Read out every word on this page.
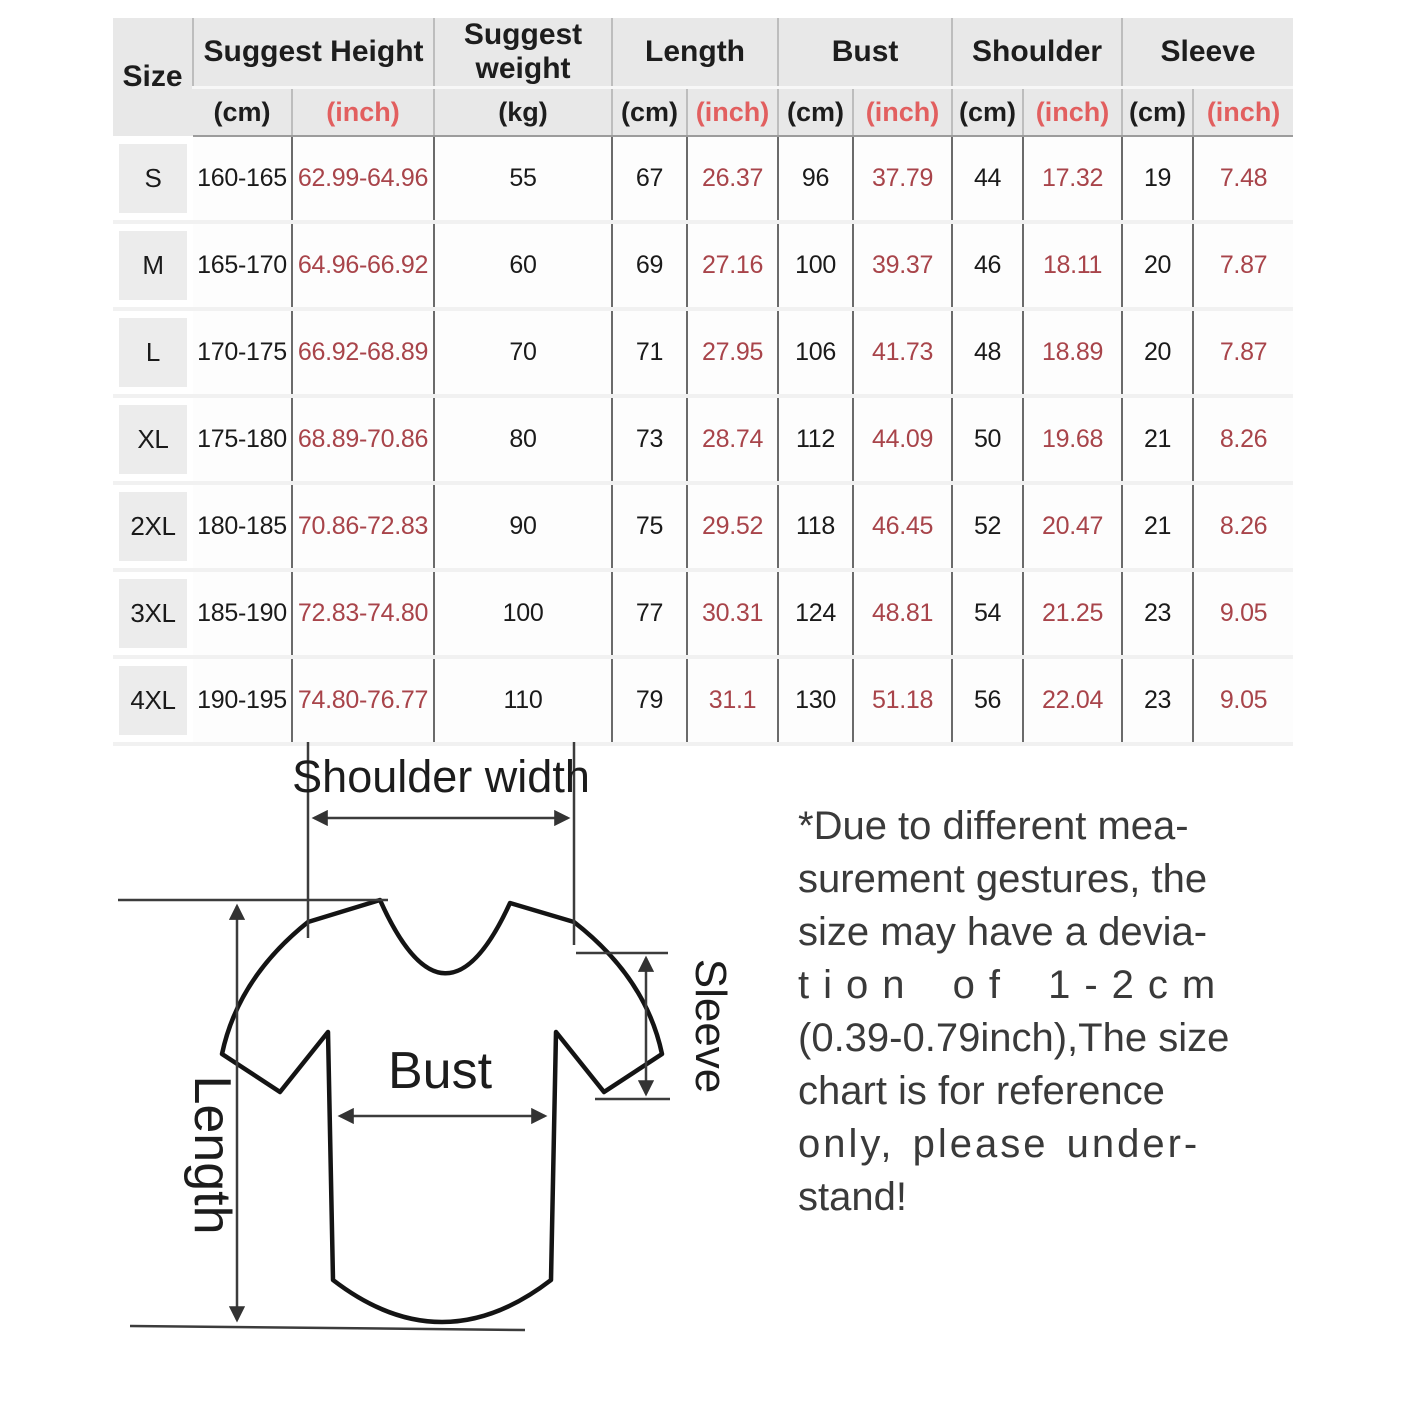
Size	Suggest Height		Suggest weight	Length		Bust		Shoulder		Sleeve	
	(cm)	(inch)	(kg)	(cm)	(inch)	(cm)	(inch)	(cm)	(inch)	(cm)	(inch)

S	160-165	62.99-64.96	55	67	26.37	96	37.79	44	17.32	19	7.48

M	165-170	64.96-66.92	60	69	27.16	100	39.37	46	18.11	20	7.87

L	170-175	66.92-68.89	70	71	27.95	106	41.73	48	18.89	20	7.87

XL	175-180	68.89-70.86	80	73	28.74	112	44.09	50	19.68	21	8.26

2XL	180-185	70.86-72.83	90	75	29.52	118	46.45	52	20.47	21	8.26

3XL	185-190	72.83-74.80	100	77	30.31	124	48.81	54	21.25	23	9.05

4XL	190-195	74.80-76.77	110	79	31.1	130	51.18	56	22.04	23	9.05
Shoulder width
Length
Sleeve
Bust
*Due to different mea-
surement gestures, the
size may have a devia-
tion of 1-2cm
(0.39-0.79inch),The size
chart is for reference
only, please under-
stand!
